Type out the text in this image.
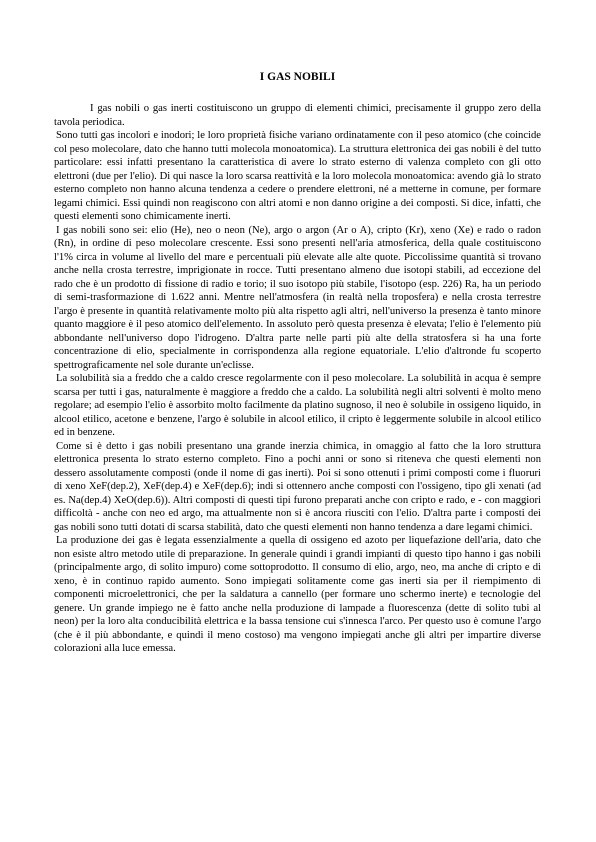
I GAS NOBILI

I gas nobili o gas inerti costituiscono un gruppo di elementi chimici, precisamente il gruppo zero della tavola periodica.

Sono tutti gas incolori e inodori; le loro proprietà fisiche variano ordinatamente con il peso atomico (che coincide col peso molecolare, dato che hanno tutti molecola monoatomica). La struttura elettronica dei gas nobili è del tutto particolare: essi infatti presentano la caratteristica di avere lo strato esterno di valenza completo con gli otto elettroni (due per l'elio). Di qui nasce la loro scarsa reattività e la loro molecola monoatomica: avendo già lo strato esterno completo non hanno alcuna tendenza a cedere o prendere elettroni, né a metterne in comune, per formare legami chimici. Essi quindi non reagiscono con altri atomi e non danno origine a dei composti. Si dice, infatti, che questi elementi sono chimicamente inerti.

I gas nobili sono sei: elio (He), neo o neon (Ne), argo o argon (Ar o A), cripto (Kr), xeno (Xe) e rado o radon (Rn), in ordine di peso molecolare crescente. Essi sono presenti nell'aria atmosferica, della quale costituiscono l'1% circa in volume al livello del mare e percentuali più elevate alle alte quote. Piccolissime quantità si trovano anche nella crosta terrestre, imprigionate in rocce. Tutti presentano almeno due isotopi stabili, ad eccezione del rado che è un prodotto di fissione di radio e torio; il suo isotopo più stabile, l'isotopo (esp. 226) Ra, ha un periodo di semi-trasformazione di 1.622 anni. Mentre nell'atmosfera (in realtà nella troposfera) e nella crosta terrestre l'argo è presente in quantità relativamente molto più alta rispetto agli altri, nell'universo la presenza è tanto minore quanto maggiore è il peso atomico dell'elemento. In assoluto però questa presenza è elevata; l'elio è l'elemento più abbondante nell'universo dopo l'idrogeno. D'altra parte nelle parti più alte della stratosfera si ha una forte concentrazione di elio, specialmente in corrispondenza alla regione equatoriale. L'elio d'altronde fu scoperto spettrograficamente nel sole durante un'eclisse.

La solubilità sia a freddo che a caldo cresce regolarmente con il peso molecolare. La solubilità in acqua è sempre scarsa per tutti i gas, naturalmente è maggiore a freddo che a caldo. La solubilità negli altri solventi è molto meno regolare; ad esempio l'elio è assorbito molto facilmente da platino sugnoso, il neo è solubile in ossigeno liquido, in alcool etilico, acetone e benzene, l'argo è solubile in alcool etilico, il cripto è leggermente solubile in alcool etilico ed in benzene.

Come si è detto i gas nobili presentano una grande inerzia chimica, in omaggio al fatto che la loro struttura elettronica presenta lo strato esterno completo. Fino a pochi anni or sono si riteneva che questi elementi non dessero assolutamente composti (onde il nome di gas inerti). Poi si sono ottenuti i primi composti come i fluoruri di xeno XeF(dep.2), XeF(dep.4) e XeF(dep.6); indi si ottennero anche composti con l'ossigeno, tipo gli xenati (ad es. Na(dep.4) XeO(dep.6)). Altri composti di questi tipi furono preparati anche con cripto e rado, e - con maggiori difficoltà - anche con neo ed argo, ma attualmente non si è ancora riusciti con l'elio. D'altra parte i composti dei gas nobili sono tutti dotati di scarsa stabilità, dato che questi elementi non hanno tendenza a dare legami chimici.

La produzione dei gas è legata essenzialmente a quella di ossigeno ed azoto per liquefazione dell'aria, dato che non esiste altro metodo utile di preparazione. In generale quindi i grandi impianti di questo tipo hanno i gas nobili (principalmente argo, di solito impuro) come sottoprodotto. Il consumo di elio, argo, neo, ma anche di cripto e di xeno, è in continuo rapido aumento. Sono impiegati solitamente come gas inerti sia per il riempimento di componenti microelettronici, che per la saldatura a cannello (per formare uno schermo inerte) e tecnologie del genere. Un grande impiego ne è fatto anche nella produzione di lampade a fluorescenza (dette di solito tubi al neon) per la loro alta conducibilità elettrica e la bassa tensione cui s'innesca l'arco. Per questo uso è comune l'argo (che è il più abbondante, e quindi il meno costoso) ma vengono impiegati anche gli altri per impartire diverse colorazioni alla luce emessa.
